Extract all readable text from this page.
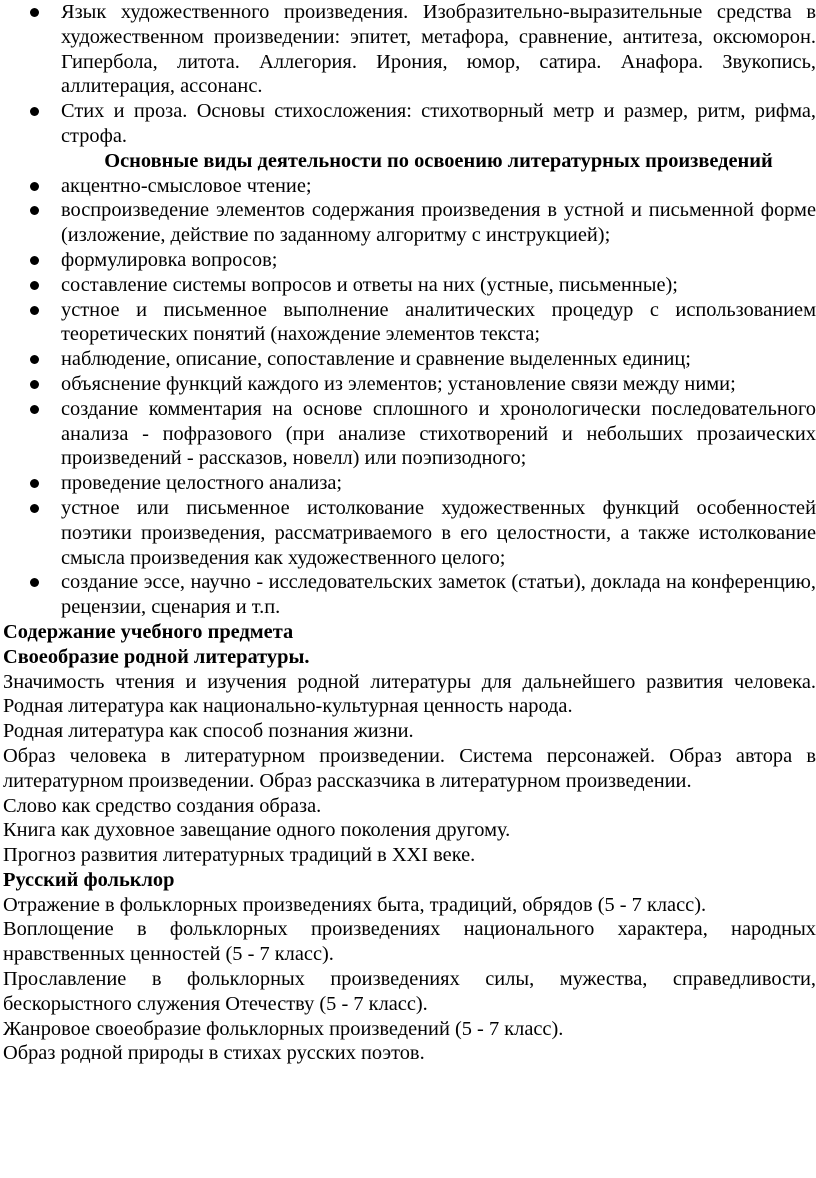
Язык художественного произведения. Изобразительно-выразительные средства в художественном произведении: эпитет, метафора, сравнение, антитеза, оксюморон. Гипербола, литота. Аллегория. Ирония, юмор, сатира. Анафора. Звукопись, аллитерация, ассонанс.
Стих и проза. Основы стихосложения: стихотворный метр и размер, ритм, рифма, строфа.
Основные виды деятельности по освоению литературных произведений
акцентно-смысловое чтение;
воспроизведение элементов содержания произведения в устной и письменной форме (изложение, действие по заданному алгоритму с инструкцией);
формулировка вопросов;
составление системы вопросов и ответы на них (устные, письменные);
устное и письменное выполнение аналитических процедур с использованием теоретических понятий (нахождение элементов текста;
наблюдение, описание, сопоставление и сравнение выделенных единиц;
объяснение функций каждого из элементов; установление связи между ними;
создание комментария на основе сплошного и хронологически последовательного анализа - пофразового (при анализе стихотворений и небольших прозаических произведений - рассказов, новелл) или поэпизодного;
проведение целостного анализа;
устное или письменное истолкование художественных функций особенностей поэтики произведения, рассматриваемого в его целостности, а также истолкование смысла произведения как художественного целого;
создание эссе, научно - исследовательских заметок (статьи), доклада на конференцию, рецензии, сценария и т.п.
Содержание учебного предмета
Своеобразие родной литературы.

Значимость чтения и изучения родной литературы для дальнейшего развития человека. Родная литература как национально-культурная ценность народа.

Родная литература как способ познания жизни.

Образ человека в литературном произведении. Система персонажей. Образ автора в литературном произведении. Образ рассказчика в литературном произведении.

Слово как средство создания образа.

Книга как духовное завещание одного поколения другому.

Прогноз развития литературных традиций в XXI веке.

Русский фольклор

Отражение в фольклорных произведениях быта, традиций, обрядов (5 - 7 класс).

Воплощение в фольклорных произведениях национального характера, народных нравственных ценностей (5 - 7 класс).

Прославление в фольклорных произведениях силы, мужества, справедливости, бескорыстного служения Отечеству (5 - 7 класс).

Жанровое своеобразие фольклорных произведений (5 - 7 класс).

Образ родной природы в стихах русских поэтов.
